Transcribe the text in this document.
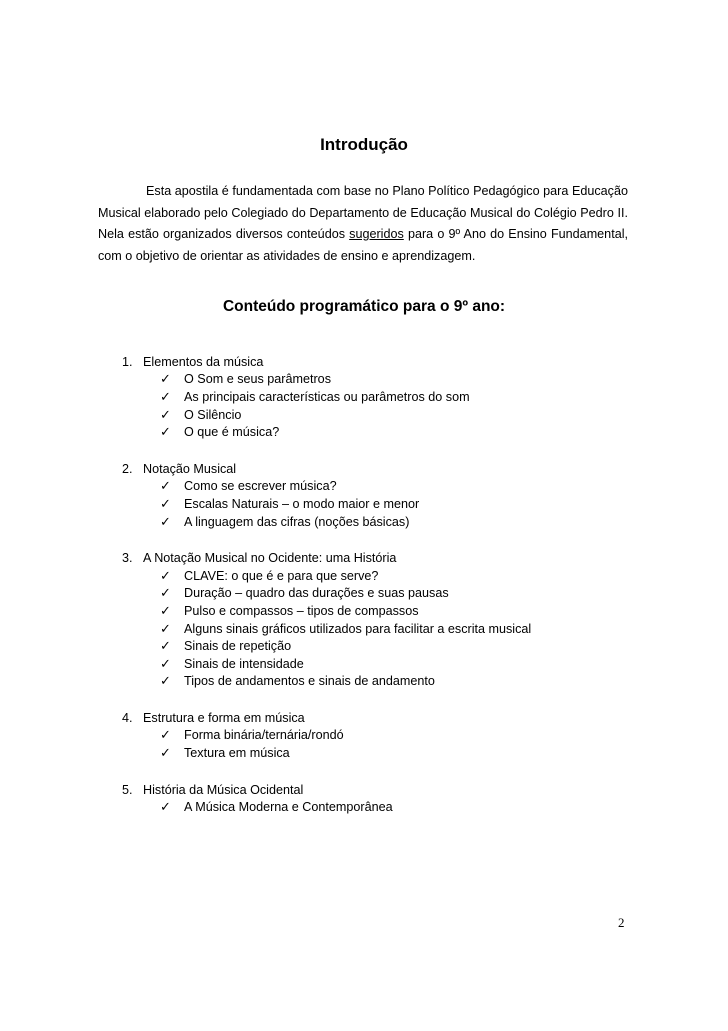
Introdução

Esta apostila é fundamentada com base no Plano Político Pedagógico para Educação Musical elaborado pelo Colegiado do Departamento de Educação Musical do Colégio Pedro II. Nela estão organizados diversos conteúdos sugeridos para o 9º Ano do Ensino Fundamental, com o objetivo de orientar as atividades de ensino e aprendizagem.

Conteúdo programático para o 9º ano:
1. Elementos da música
✓	O Som e seus parâmetros
✓	As principais características ou parâmetros do som
✓	O Silêncio
✓	O que é música?
2. Notação Musical
✓	Como se escrever música?
✓	Escalas Naturais – o modo maior e menor
✓	A linguagem das cifras (noções básicas)
3. A Notação Musical no Ocidente: uma História
✓	CLAVE: o que é e para que serve?
✓	Duração – quadro das durações e suas pausas
✓	Pulso e compassos – tipos de compassos
✓	Alguns sinais gráficos utilizados para facilitar a escrita musical
✓	Sinais de repetição
✓	Sinais de intensidade
✓	Tipos de andamentos e sinais de andamento
4. Estrutura e forma em música
✓	Forma binária/ternária/rondó
✓	Textura em música
5. História da Música Ocidental
✓	A Música Moderna e Contemporânea
2
